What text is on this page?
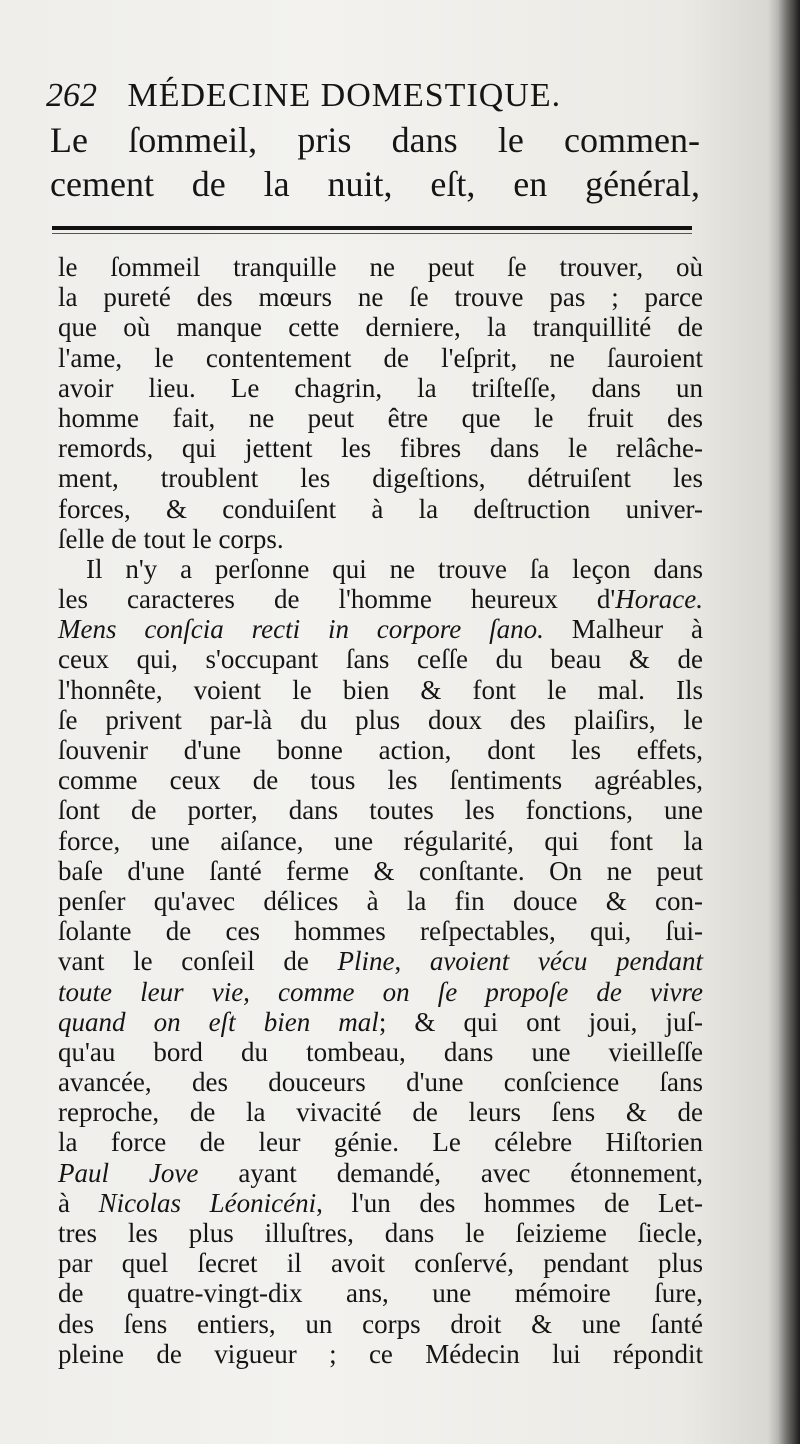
262 MÉDECINE DOMESTIQUE.
Le ſommeil, pris dans le commen-
cement de la nuit, eſt, en général,
le ſommeil tranquille ne peut ſe trouver, où
la pureté des mœurs ne ſe trouve pas ; parce
que où manque cette derniere, la tranquillité de
l'ame, le contentement de l'eſprit, ne ſauroient
avoir lieu. Le chagrin, la triſteſſe, dans un
homme fait, ne peut être que le fruit des
remords, qui jettent les fibres dans le relâche-
ment, troublent les digeſtions, détruiſent les
forces, & conduiſent à la deſtruction univer-
ſelle de tout le corps.
Il n'y a perſonne qui ne trouve ſa leçon dans
les caracteres de l'homme heureux d'Horace.
Mens conſcia recti in corpore ſano. Malheur à
ceux qui, s'occupant ſans ceſſe du beau & de
l'honnête, voient le bien & font le mal. Ils
ſe privent par-là du plus doux des plaiſirs, le
ſouvenir d'une bonne action, dont les effets,
comme ceux de tous les ſentiments agréables,
ſont de porter, dans toutes les fonctions, une
force, une aiſance, une régularité, qui font la
baſe d'une ſanté ferme & conſtante. On ne peut
penſer qu'avec délices à la fin douce & con-
ſolante de ces hommes reſpectables, qui, ſui-
vant le conſeil de Pline, avoient vécu pendant
toute leur vie, comme on ſe propoſe de vivre
quand on eſt bien mal; & qui ont joui, juſ-
qu'au bord du tombeau, dans une vieilleſſe
avancée, des douceurs d'une conſcience ſans
reproche, de la vivacité de leurs ſens & de
la force de leur génie. Le célebre Hiſtorien
Paul Jove ayant demandé, avec étonnement,
à Nicolas Léonicéni, l'un des hommes de Let-
tres les plus illuſtres, dans le ſeizieme ſiecle,
par quel ſecret il avoit conſervé, pendant plus
de quatre-vingt-dix ans, une mémoire ſure,
des ſens entiers, un corps droit & une ſanté
pleine de vigueur ; ce Médecin lui répondit
